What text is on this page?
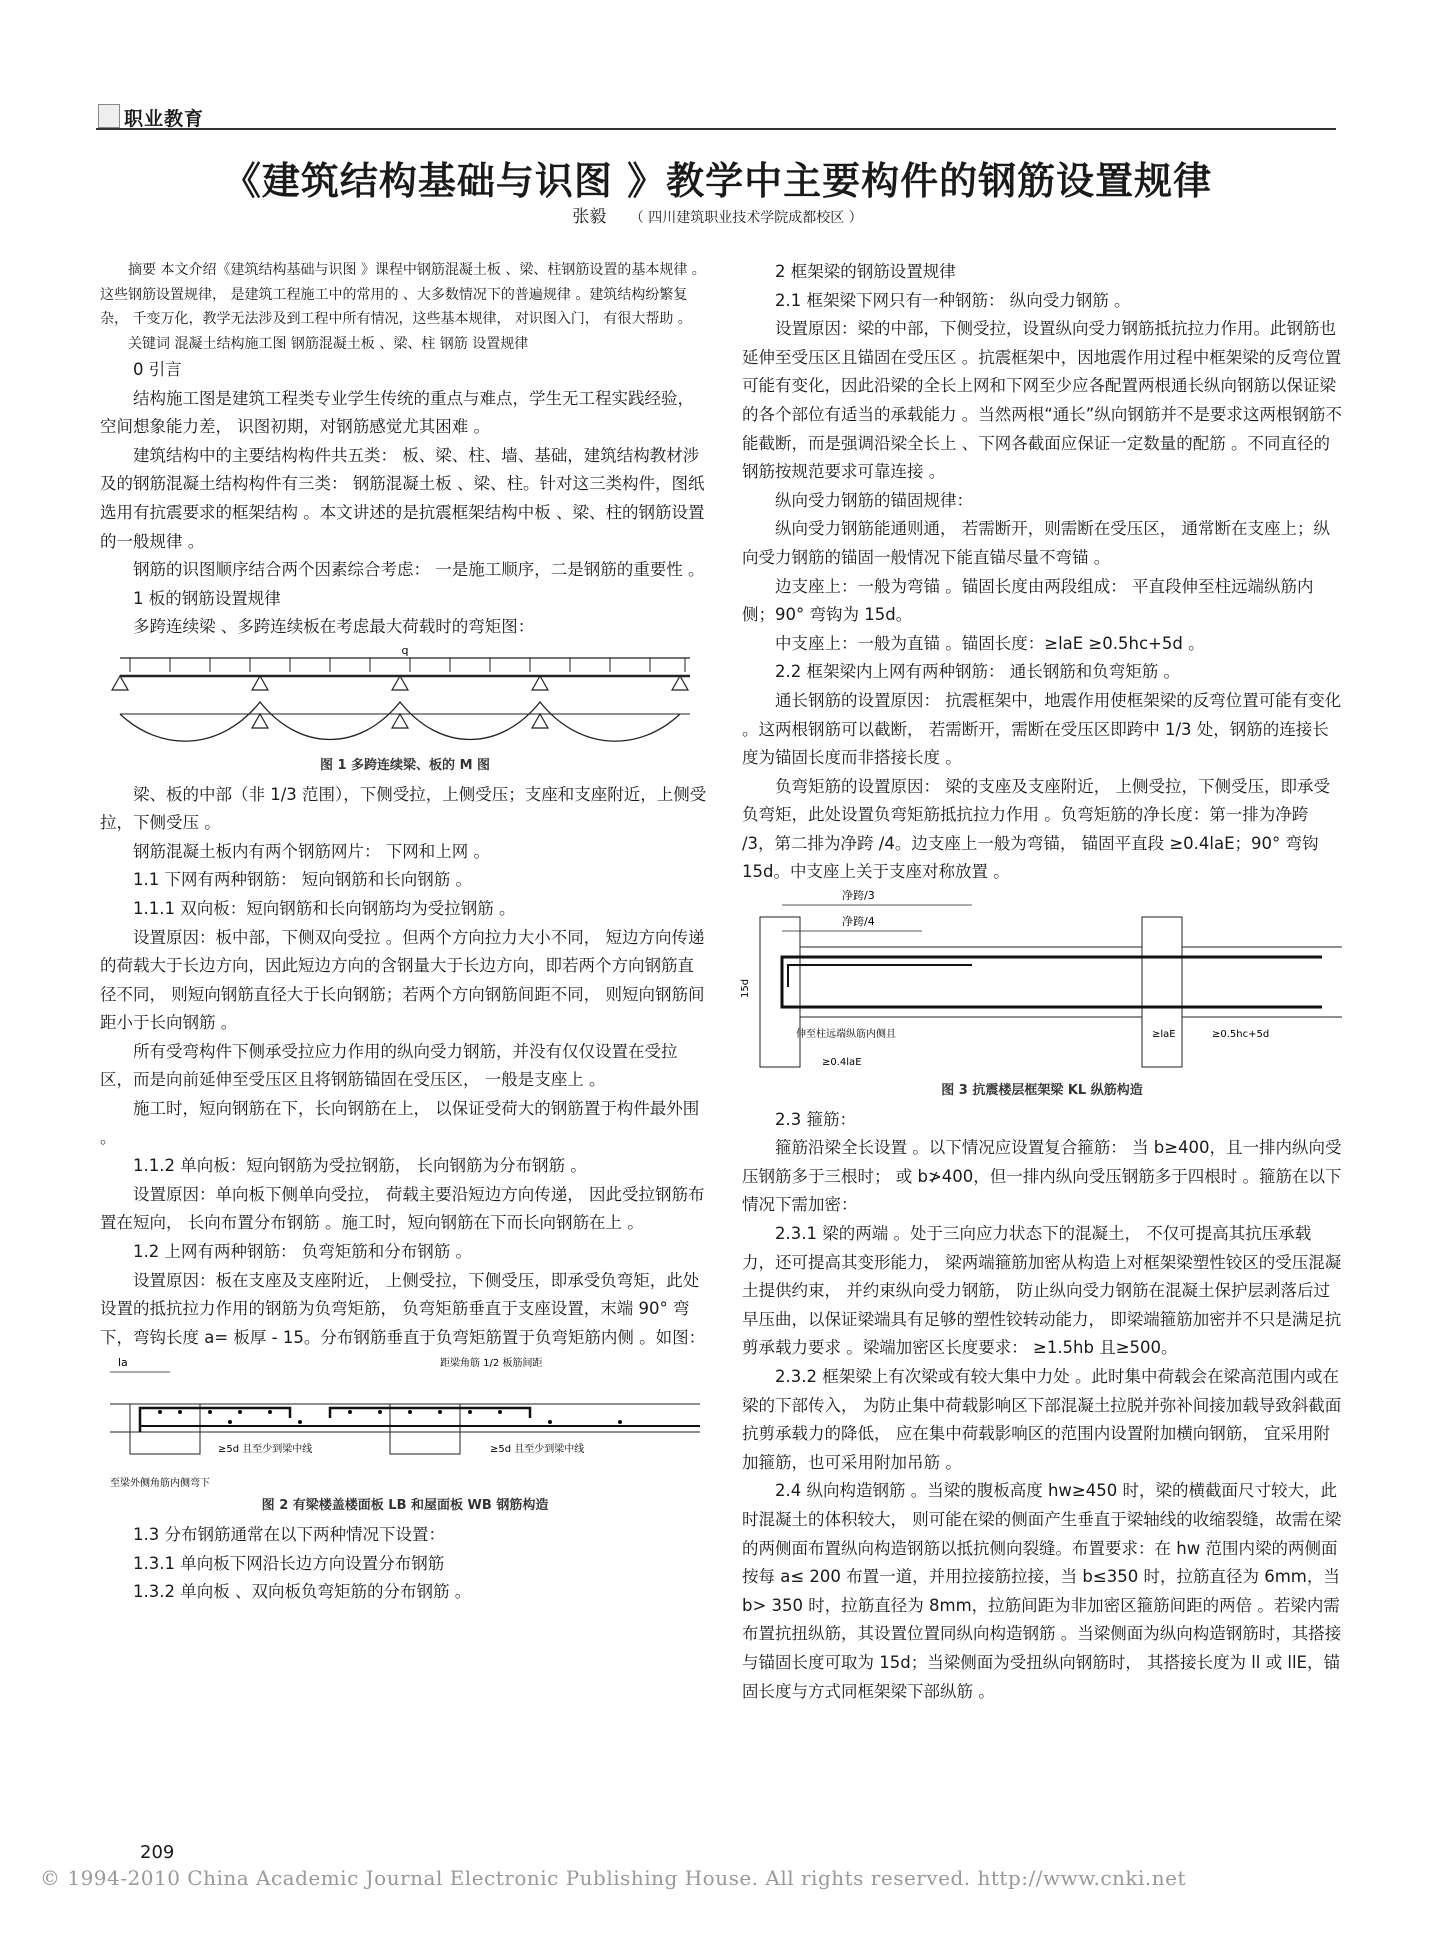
职业教育
《建筑结构基础与识图 》教学中主要构件的钢筋设置规律
张毅 （ 四川建筑职业技术学院成都校区 ）

摘要 本文介绍《建筑结构基础与识图 》课程中钢筋混凝土板 、梁、柱钢筋设置的基本规律 。这些钢筋设置规律， 是建筑工程施工中的常用的 、大多数情况下的普遍规律 。建筑结构纷繁复杂， 千变万化，教学无法涉及到工程中所有情况，这些基本规律， 对识图入门， 有很大帮助 。

关键词 混凝土结构施工图 钢筋混凝土板 、梁、柱 钢筋 设置规律

0 引言

结构施工图是建筑工程类专业学生传统的重点与难点，学生无工程实践经验，空间想象能力差， 识图初期，对钢筋感觉尤其困难 。

建筑结构中的主要结构构件共五类： 板、梁、柱、墙、基础，建筑结构教材涉及的钢筋混凝土结构构件有三类： 钢筋混凝土板 、梁、柱。针对这三类构件，图纸选用有抗震要求的框架结构 。本文讲述的是抗震框架结构中板 、梁、柱的钢筋设置的一般规律 。

钢筋的识图顺序结合两个因素综合考虑： 一是施工顺序，二是钢筋的重要性 。

1 板的钢筋设置规律

多跨连续梁 、多跨连续板在考虑最大荷载时的弯矩图：

q

图 1 多跨连续梁、板的 M 图

梁、板的中部（非 1/3 范围），下侧受拉，上侧受压；支座和支座附近，上侧受拉，下侧受压 。

钢筋混凝土板内有两个钢筋网片： 下网和上网 。

1.1 下网有两种钢筋： 短向钢筋和长向钢筋 。

1.1.1 双向板：短向钢筋和长向钢筋均为受拉钢筋 。

设置原因：板中部，下侧双向受拉 。但两个方向拉力大小不同， 短边方向传递的荷载大于长边方向，因此短边方向的含钢量大于长边方向，即若两个方向钢筋直径不同， 则短向钢筋直径大于长向钢筋；若两个方向钢筋间距不同， 则短向钢筋间距小于长向钢筋 。

所有受弯构件下侧承受拉应力作用的纵向受力钢筋，并没有仅仅设置在受拉区，而是向前延伸至受压区且将钢筋锚固在受压区， 一般是支座上 。

施工时，短向钢筋在下，长向钢筋在上， 以保证受荷大的钢筋置于构件最外围 。

1.1.2 单向板：短向钢筋为受拉钢筋， 长向钢筋为分布钢筋 。

设置原因：单向板下侧单向受拉， 荷载主要沿短边方向传递， 因此受拉钢筋布置在短向， 长向布置分布钢筋 。施工时，短向钢筋在下而长向钢筋在上 。

1.2 上网有两种钢筋： 负弯矩筋和分布钢筋 。

设置原因：板在支座及支座附近， 上侧受拉，下侧受压，即承受负弯矩，此处设置的抵抗拉力作用的钢筋为负弯矩筋， 负弯矩筋垂直于支座设置，末端 90° 弯下，弯钩长度 a= 板厚 - 15。分布钢筋垂直于负弯矩筋置于负弯矩筋内侧 。如图：

la	距梁角筋 1/2 板筋间距
≥5d 且至少到梁中线	≥5d 且至少到梁中线
至梁外侧角筋内侧弯下

图 2 有梁楼盖楼面板 LB 和屋面板 WB 钢筋构造

1.3 分布钢筋通常在以下两种情况下设置：

1.3.1 单向板下网沿长边方向设置分布钢筋

1.3.2 单向板 、双向板负弯矩筋的分布钢筋 。

2 框架梁的钢筋设置规律

2.1 框架梁下网只有一种钢筋： 纵向受力钢筋 。

设置原因：梁的中部，下侧受拉，设置纵向受力钢筋抵抗拉力作用。此钢筋也延伸至受压区且锚固在受压区 。抗震框架中，因地震作用过程中框架梁的反弯位置可能有变化，因此沿梁的全长上网和下网至少应各配置两根通长纵向钢筋以保证梁的各个部位有适当的承载能力 。当然两根“通长”纵向钢筋并不是要求这两根钢筋不能截断，而是强调沿梁全长上 、下网各截面应保证一定数量的配筋 。不同直径的钢筋按规范要求可靠连接 。

纵向受力钢筋的锚固规律：

纵向受力钢筋能通则通， 若需断开，则需断在受压区， 通常断在支座上；纵向受力钢筋的锚固一般情况下能直锚尽量不弯锚 。

边支座上：一般为弯锚 。锚固长度由两段组成： 平直段伸至柱远端纵筋内侧；90° 弯钩为 15d。

中支座上：一般为直锚 。锚固长度：≥laE ≥0.5hc+5d 。

2.2 框架梁内上网有两种钢筋： 通长钢筋和负弯矩筋 。

通长钢筋的设置原因： 抗震框架中，地震作用使框架梁的反弯位置可能有变化 。这两根钢筋可以截断， 若需断开，需断在受压区即跨中 1/3 处，钢筋的连接长度为锚固长度而非搭接长度 。

负弯矩筋的设置原因： 梁的支座及支座附近， 上侧受拉，下侧受压，即承受负弯矩，此处设置负弯矩筋抵抗拉力作用 。负弯矩筋的净长度：第一排为净跨 /3，第二排为净跨 /4。边支座上一般为弯锚， 锚固平直段 ≥0.4laE；90° 弯钩 15d。中支座上关于支座对称放置 。

净跨/3
净跨/4
15d
伸至柱远端纵筋内侧且
≥0.4laE
≥laE	≥0.5hc+5d

图 3 抗震楼层框架梁 KL 纵筋构造

2.3 箍筋：

箍筋沿梁全长设置 。以下情况应设置复合箍筋： 当 b≥400，且一排内纵向受压钢筋多于三根时； 或 b≯400，但一排内纵向受压钢筋多于四根时 。箍筋在以下情况下需加密：

2.3.1 梁的两端 。处于三向应力状态下的混凝土， 不仅可提高其抗压承载力，还可提高其变形能力， 梁两端箍筋加密从构造上对框架梁塑性铰区的受压混凝土提供约束， 并约束纵向受力钢筋， 防止纵向受力钢筋在混凝土保护层剥落后过早压曲，以保证梁端具有足够的塑性铰转动能力， 即梁端箍筋加密并不只是满足抗剪承载力要求 。梁端加密区长度要求： ≥1.5hb 且≥500。

2.3.2 框架梁上有次梁或有较大集中力处 。此时集中荷载会在梁高范围内或在梁的下部传入， 为防止集中荷载影响区下部混凝土拉脱并弥补间接加载导致斜截面抗剪承载力的降低， 应在集中荷载影响区的范围内设置附加横向钢筋， 宜采用附加箍筋，也可采用附加吊筋 。

2.4 纵向构造钢筋 。当梁的腹板高度 hw≥450 时，梁的横截面尺寸较大，此时混凝土的体积较大， 则可能在梁的侧面产生垂直于梁轴线的收缩裂缝，故需在梁的两侧面布置纵向构造钢筋以抵抗侧向裂缝。布置要求：在 hw 范围内梁的两侧面按每 a≤ 200 布置一道，并用拉接筋拉接，当 b≤350 时，拉筋直径为 6mm，当 b> 350 时，拉筋直径为 8mm，拉筋间距为非加密区箍筋间距的两倍 。若梁内需布置抗扭纵筋，其设置位置同纵向构造钢筋 。当梁侧面为纵向构造钢筋时，其搭接与锚固长度可取为 15d；当梁侧面为受扭纵向钢筋时， 其搭接长度为 ll 或 llE，锚固长度与方式同框架梁下部纵筋 。

209
© 1994-2010 China Academic Journal Electronic Publishing House. All rights reserved. http://www.cnki.net
